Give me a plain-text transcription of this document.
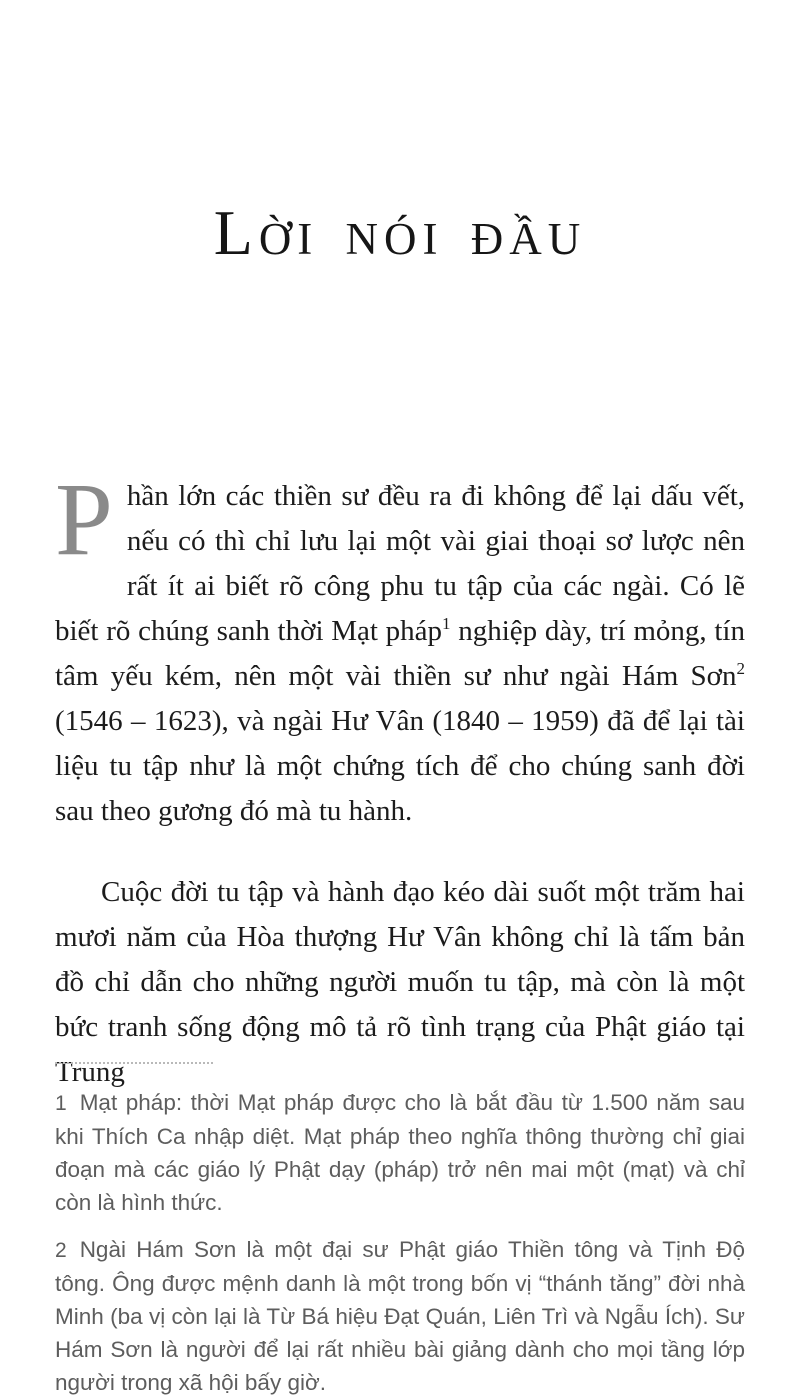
LỜI NÓI ĐẦU

Phần lớn các thiền sư đều ra đi không để lại dấu vết, nếu có thì chỉ lưu lại một vài giai thoại sơ lược nên rất ít ai biết rõ công phu tu tập của các ngài. Có lẽ biết rõ chúng sanh thời Mạt pháp$^1$ nghiệp dày, trí mỏng, tín tâm yếu kém, nên một vài thiền sư như ngài Hám Sơn$^2$ (1546 – 1623), và ngài Hư Vân (1840 – 1959) đã để lại tài liệu tu tập như là một chứng tích để cho chúng sanh đời sau theo gương đó mà tu hành.

Cuộc đời tu tập và hành đạo kéo dài suốt một trăm hai mươi năm của Hòa thượng Hư Vân không chỉ là tấm bản đồ chỉ dẫn cho những người muốn tu tập, mà còn là một bức tranh sống động mô tả rõ tình trạng của Phật giáo tại Trung

1 Mạt pháp: thời Mạt pháp được cho là bắt đầu từ 1.500 năm sau khi Thích Ca nhập diệt. Mạt pháp theo nghĩa thông thường chỉ giai đoạn mà các giáo lý Phật dạy (pháp) trở nên mai một (mạt) và chỉ còn là hình thức.

2 Ngài Hám Sơn là một đại sư Phật giáo Thiền tông và Tịnh Độ tông. Ông được mệnh danh là một trong bốn vị “thánh tăng” đời nhà Minh (ba vị còn lại là Từ Bá hiệu Đạt Quán, Liên Trì và Ngẫu Ích). Sư Hám Sơn là người để lại rất nhiều bài giảng dành cho mọi tầng lớp người trong xã hội bấy giờ.
